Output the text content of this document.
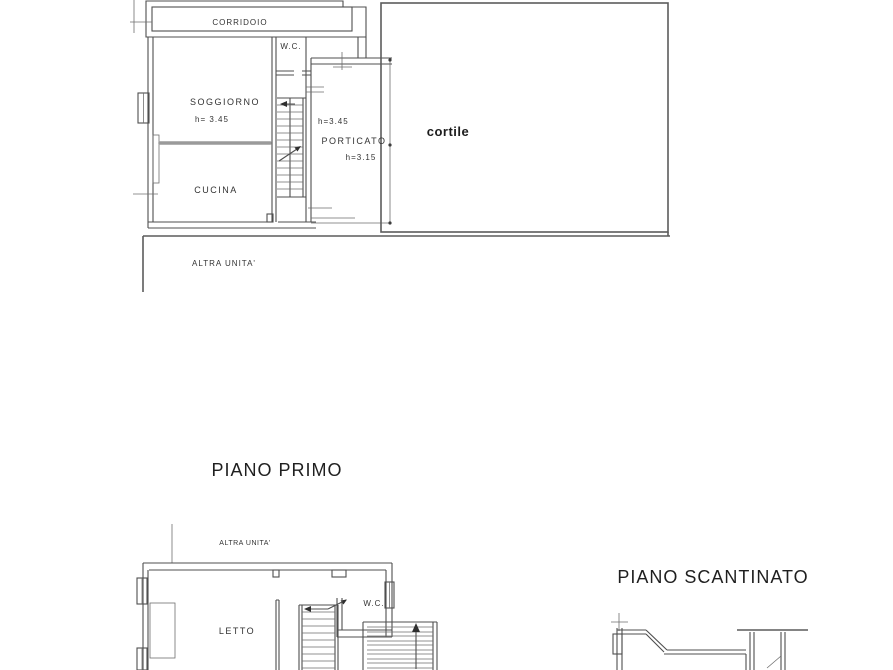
CORRIDOIO
W.C.
SOGGIORNO
h= 3.45	h=3.45
PORTICATO
h=3.15
CUCINA
cortile
ALTRA UNITA'
PIANO PRIMO
ALTRA UNITA'
LETTO
W.C.
PIANO SCANTINATO
